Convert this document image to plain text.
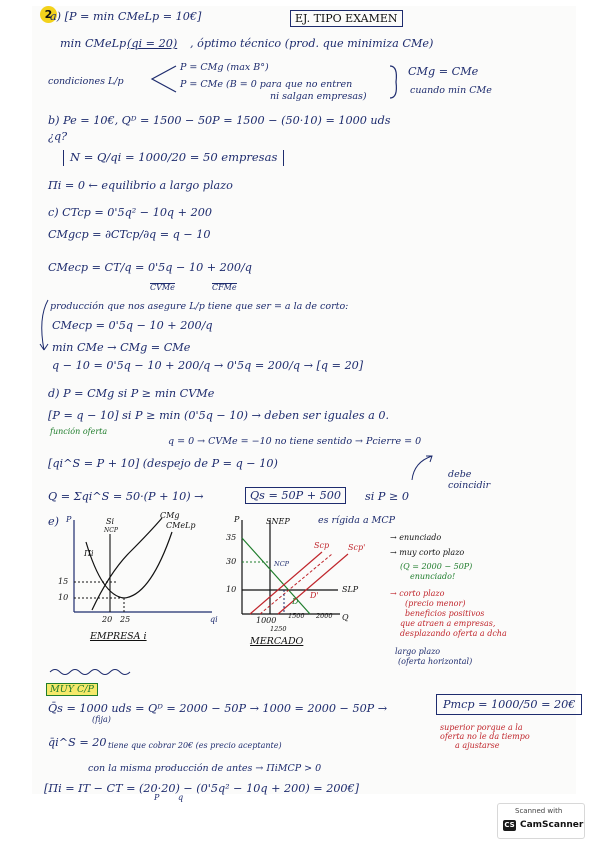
2	EJ. TIPO EXAMEN
a) [P = min CMeLp = 10€]
min CMeLp (qi = 20) , óptimo técnico (prod. que minimiza CMe)
condiciones L/p
P = CMg (max B°)
P = CMe (B = 0 para que no entren
ni salgan empresas)
CMg = CMe
cuando min CMe
b) Pe = 10€, Qᴰ = 1500 − 50P = 1500 − (50·10) = 1000 uds
¿q?
N = Q/qi = 1000/20 = 50 empresas
Πi = 0 ← equilibrio a largo plazo
c) CTcp = 0'5q² − 10q + 200
CMgcp = ∂CTcp/∂q = q − 10
CMecp = CT/q = 0'5q − 10 + 200/q
CVMe	CFMe
producción que nos asegure L/p tiene que ser = a la de corto:
CMecp = 0'5q − 10 + 200/q
min CMe → CMg = CMe
q − 10 = 0'5q − 10 + 200/q → 0'5q = 200/q → [q = 20]
d) P = CMg si P ≥ min CVMe
[P = q − 10] si P ≥ min (0'5q − 10) → deben ser iguales a 0.
función oferta
q = 0 → CVMe = −10 no tiene sentido → Pcierre = 0
[qi^S = P + 10] (despejo de P = q − 10)
debe
coincidir
Q = Σqi^S = 50·(P + 10) →	Qs = 50P + 500	si P ≥ 0
e) P	Si
NCP
CMg
CMeLp
Πi
15
10
20 25	qi
EMPRESA i
P	SNEP
35
30
10
NCP
Scp Scp'
SLP
D
D'
1000 1500
1250
2000 Q
es rígida a MCP
MERCADO
→ enunciado
→ muy corto plazo
(Q = 2000 − 50P)
enunciado!
→ corto plazo
(precio menor)
beneficios positivos
que atraen a empresas,
desplazando oferta a dcha
largo plazo
(oferta horizontal)
MUY C/P
Q̄s = 1000 uds = Qᴰ = 2000 − 50P → 1000 = 2000 − 50P →
(fija)
Pmcp = 1000/50 = 20€
superior porque a la
oferta no le da tiempo
a ajustarse
q̄i^S = 20 tiene que cobrar 20€ (es precio aceptante)
con la misma producción de antes → ΠiMCP > 0
[Πi = IT − CT = (20·20) − (0'5q² − 10q + 200) = 200€]
P q
Scanned with
CS CamScanner
